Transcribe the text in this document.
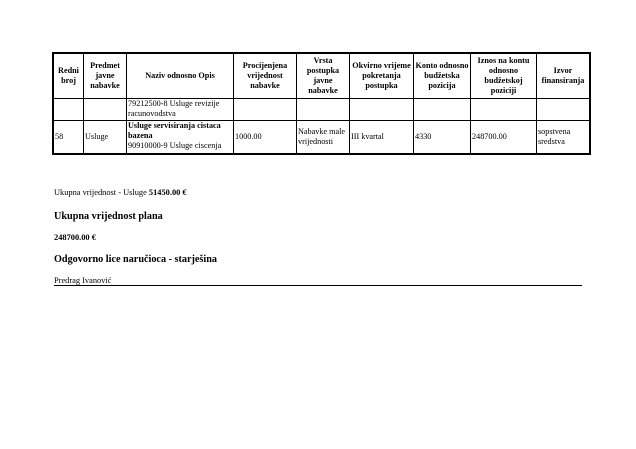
Redni broj	Predmet javne nabavke	Naziv odnosno Opis	Procijenjena vrijednost nabavke	Vrsta postupka javne nabavke	Okvirno vrijeme pokretanja postupka	Konto odnosno budžetska pozicija	Iznos na kontu odnosno budžetskoj poziciji	Izvor finansiranja
		79212500-8 Usluge revizije racunovodstva						
58	Usluge	Usluge servisiranja cistaca bazena
90910000-9 Usluge ciscenja	1000.00	Nabavke male vrijednosti	III kvartal	4330	248700.00	sopstvena sredstva
Ukupna vrijednost - Usluge 51450.00 €
Ukupna vrijednost plana
248700.00 €
Odgovorno lice naručioca - starješina
Predrag Ivanović
